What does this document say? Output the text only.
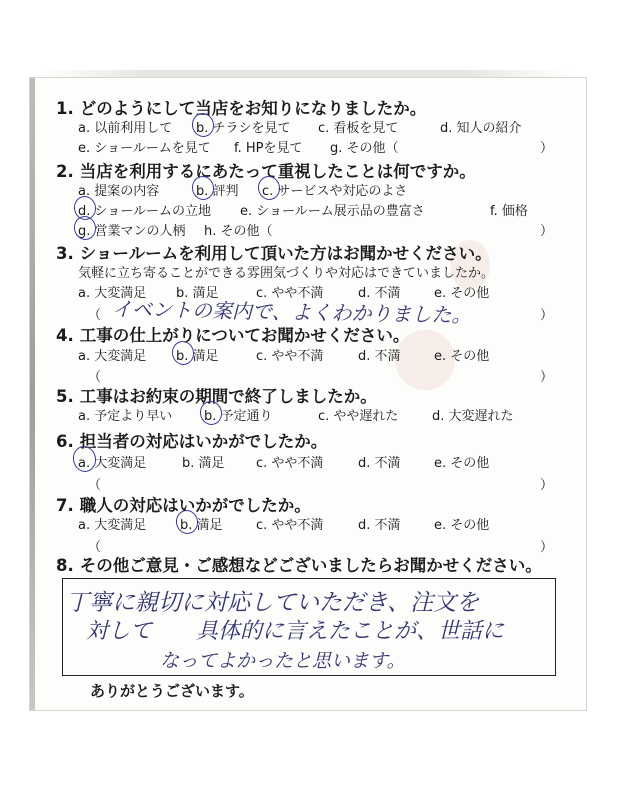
1. どのようにして当店をお知りになりましたか。
a. 以前利用して b. チラシを見て c. 看板を見て	d. 知人の紹介
e. ショールームを見て f. HPを見て g. その他（	）
2. 当店を利用するにあたって重視したことは何ですか。
a. 提案の内容	b. 評判 c. サービスや対応のよさ
d. ショールームの立地 e. ショールーム展示品の豊富さ	f. 価格
g. 営業マンの人柄 h. その他（	）
3. ショールームを利用して頂いた方はお聞かせください。
気軽に立ち寄ることができる雰囲気づくりや対応はできていましたか。
a. 大変満足 b. 満足	c. やや不満	d. 不満	e. その他
（	）
イベントの案内で、よくわかりました。
4. 工事の仕上がりについてお聞かせください。
a. 大変満足 b. 満足	c. やや不満	d. 不満	e. その他
（	）
5. 工事はお約束の期間で終了しましたか。
a. 予定より早い b. 予定通り	c. やや遅れた	d. 大変遅れた
6. 担当者の対応はいかがでしたか。
a. 大変満足	b. 満足 c. やや不満	d. 不満	e. その他
（	）
7. 職人の対応はいかがでしたか。
a. 大変満足	b. 満足	c. やや不満	d. 不満	e. その他
（	）
8. その他ご意見・ご感想などございましたらお聞かせください。
丁寧に親切に対応していただき、注文を
対して　　具体的に言えたことが、世話に
なってよかったと思います。
ありがとうございます。
